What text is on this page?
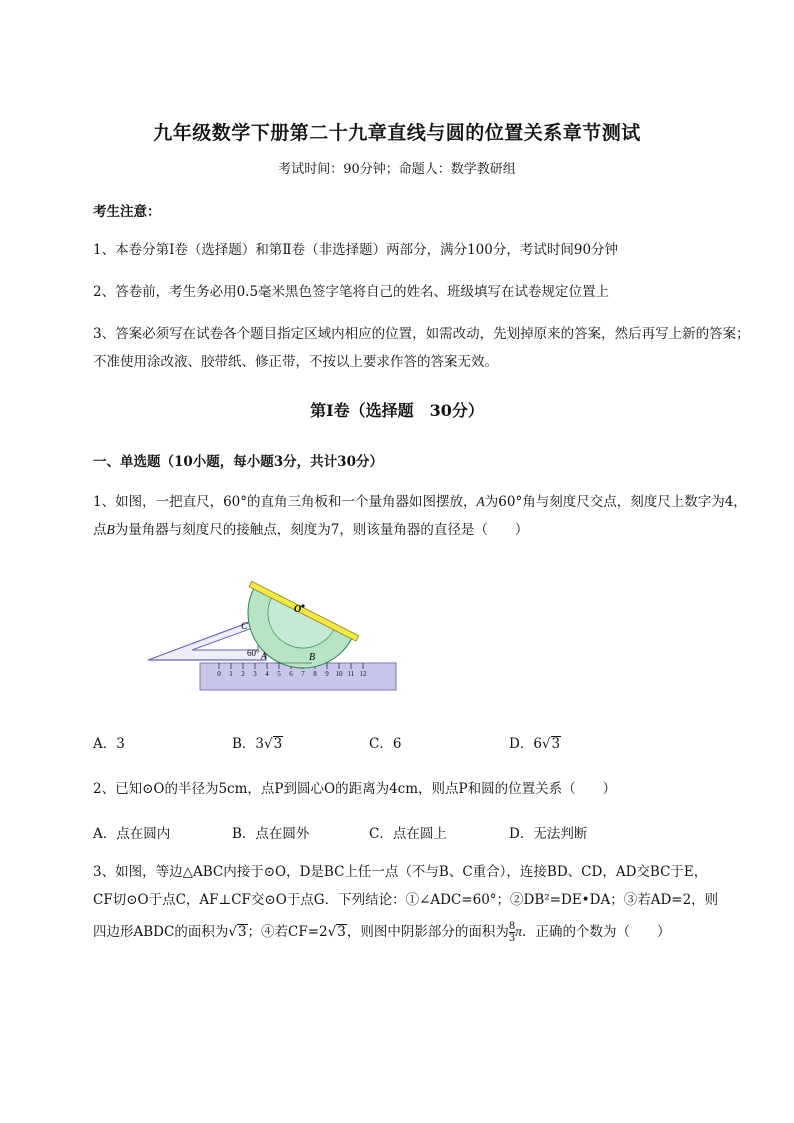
九年级数学下册第二十九章直线与圆的位置关系章节测试
考试时间：90分钟；命题人：数学教研组
考生注意：
1、本卷分第I卷（选择题）和第Ⅱ卷（非选择题）两部分，满分100分，考试时间90分钟
2、答卷前，考生务必用0.5毫米黑色签字笔将自己的姓名、班级填写在试卷规定位置上
3、答案必须写在试卷各个题目指定区域内相应的位置，如需改动，先划掉原来的答案，然后再写上新的答案；不准使用涂改液、胶带纸、修正带，不按以上要求作答的答案无效。
第I卷（选择题　30分）
一、单选题（10小题，每小题3分，共计30分）
1、如图，一把直尺，60°的直角三角板和一个量角器如图摆放，A为60°角与刻度尺交点，刻度尺上数字为4，点B为量角器与刻度尺的接触点，刻度为7，则该量角器的直径是（　　）
0 1 2 3 4 5 6 7 8 9 10 11 12
O
C
60° A	B
A．3	B．3√3	C．6	D．6√3
2、已知⊙O的半径为5cm，点P到圆心O的距离为4cm，则点P和圆的位置关系（　　）
A．点在圆内	B．点在圆外	C．点在圆上	D．无法判断
3、如图，等边△ABC内接于⊙O，D是BC上任一点（不与B、C重合），连接BD、CD，AD交BC于E，
CF切⊙O于点C，AF⊥CF交⊙O于点G．下列结论：①∠ADC=60°；②DB²=DE•DA；③若AD=2，则
四边形ABDC的面积为√3；④若CF=2√3，则图中阴影部分的面积为 $\frac{8}{3}$ π．正确的个数为（　　）
